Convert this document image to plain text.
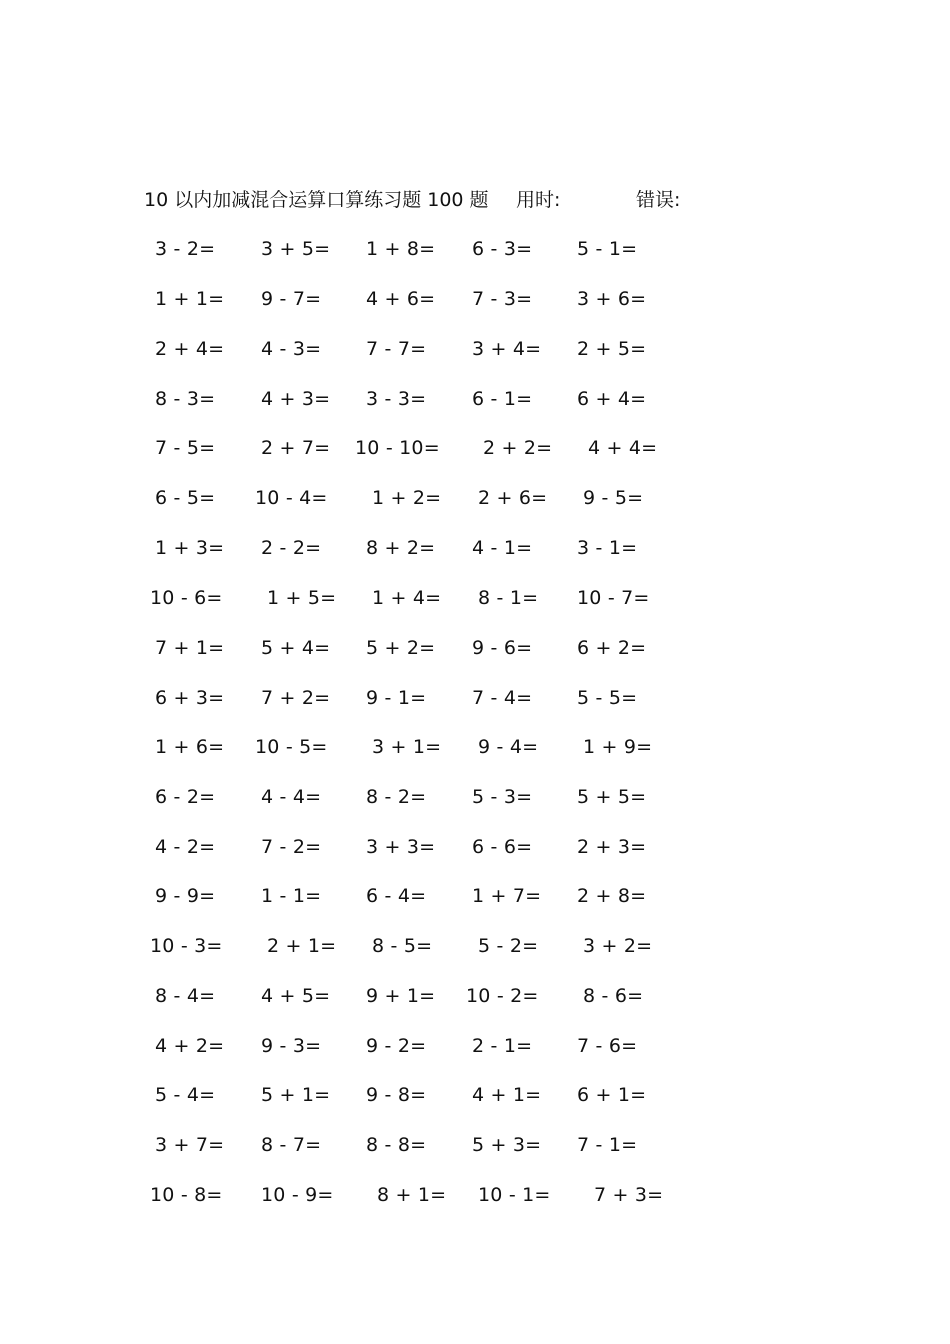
10 以内加减混合运算口算练习题 100 题 用时:	错误:
3 - 2= 3 + 5= 1 + 8= 6 - 3= 5 - 1=
1 + 1= 9 - 7= 4 + 6= 7 - 3= 3 + 6=
2 + 4= 4 - 3= 7 - 7= 3 + 4= 2 + 5=
8 - 3= 4 + 3= 3 - 3= 6 - 1= 6 + 4=
7 - 5= 2 + 7= 10 - 10= 2 + 2= 4 + 4=
6 - 5= 10 - 4= 1 + 2= 2 + 6= 9 - 5=
1 + 3= 2 - 2= 8 + 2= 4 - 1= 3 - 1=
10 - 6= 1 + 5= 1 + 4= 8 - 1= 10 - 7=
7 + 1= 5 + 4= 5 + 2= 9 - 6= 6 + 2=
6 + 3= 7 + 2= 9 - 1= 7 - 4= 5 - 5=
1 + 6= 10 - 5= 3 + 1= 9 - 4= 1 + 9=
6 - 2= 4 - 4= 8 - 2= 5 - 3= 5 + 5=
4 - 2= 7 - 2= 3 + 3= 6 - 6= 2 + 3=
9 - 9= 1 - 1= 6 - 4= 1 + 7= 2 + 8=
10 - 3= 2 + 1= 8 - 5= 5 - 2= 3 + 2=
8 - 4= 4 + 5= 9 + 1= 10 - 2= 8 - 6=
4 + 2= 9 - 3= 9 - 2= 2 - 1= 7 - 6=
5 - 4= 5 + 1= 9 - 8= 4 + 1= 6 + 1=
3 + 7= 8 - 7= 8 - 8= 5 + 3= 7 - 1=
10 - 8= 10 - 9= 8 + 1= 10 - 1= 7 + 3=
